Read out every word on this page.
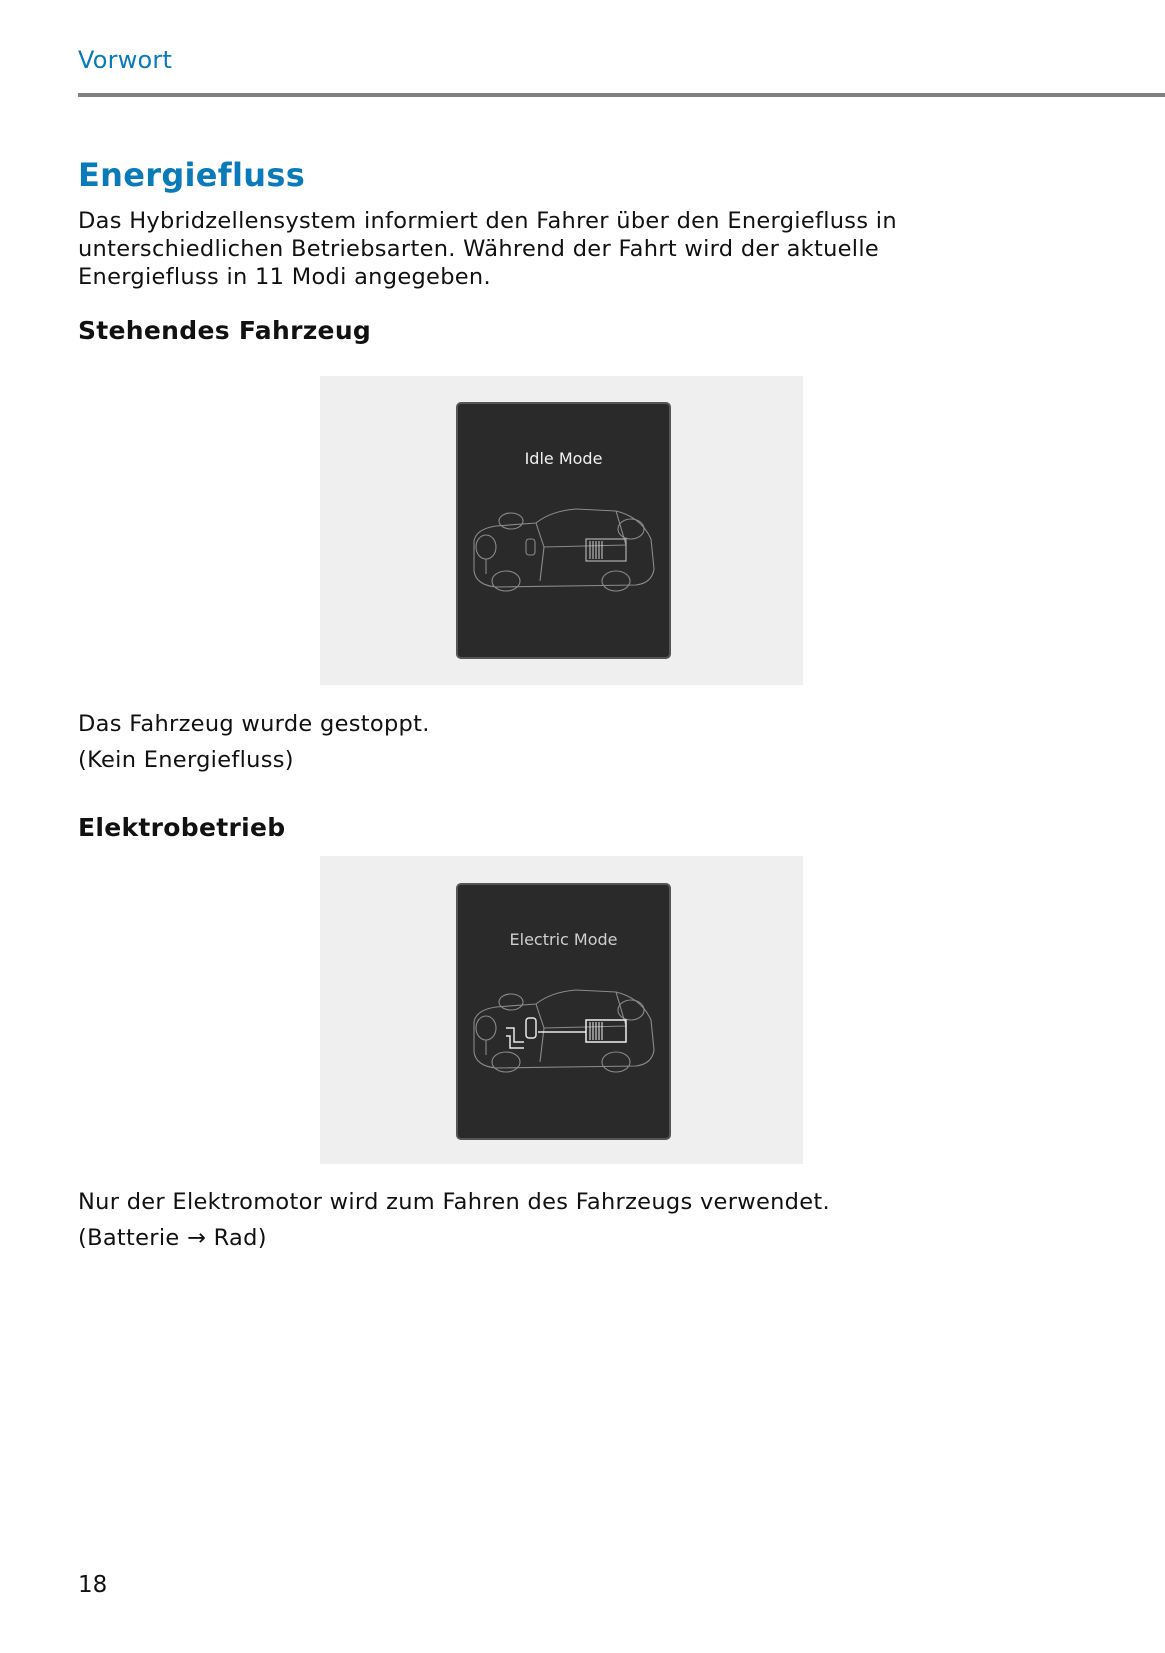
Vorwort
Energiefluss
Das Hybridzellensystem informiert den Fahrer über den Energiefluss in
unterschiedlichen Betriebsarten. Während der Fahrt wird der aktuelle
Energiefluss in 11 Modi angegeben.
Stehendes Fahrzeug
Idle Mode
Das Fahrzeug wurde gestoppt.
(Kein Energiefluss)
Elektrobetrieb
Electric Mode
Nur der Elektromotor wird zum Fahren des Fahrzeugs verwendet.
(Batterie → Rad)
18
